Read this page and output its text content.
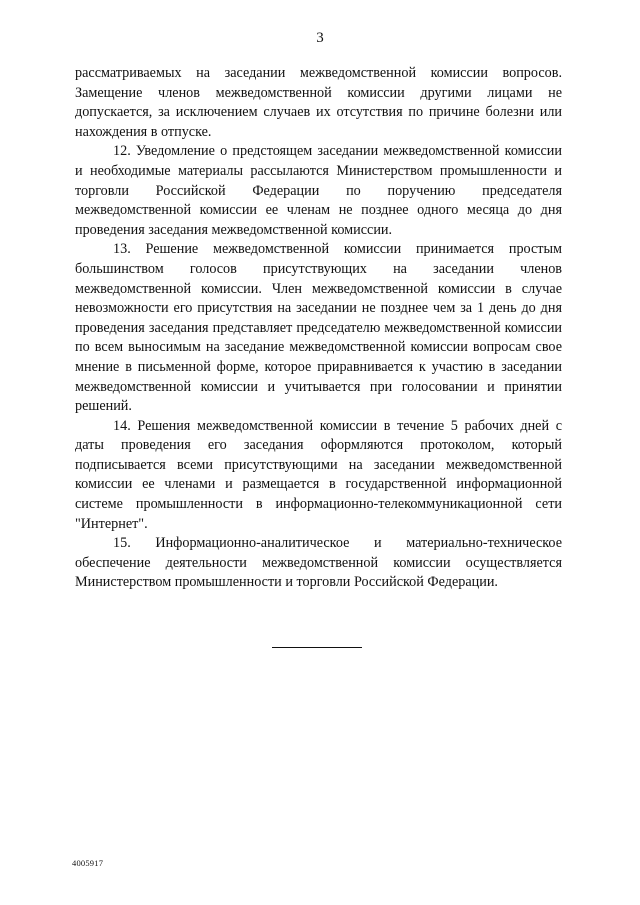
3

рассматриваемых на заседании межведомственной комиссии вопросов. Замещение членов межведомственной комиссии другими лицами не допускается, за исключением случаев их отсутствия по причине болезни или нахождения в отпуске.

12. Уведомление о предстоящем заседании межведомственной комиссии и необходимые материалы рассылаются Министерством промышленности и торговли Российской Федерации по поручению председателя межведомственной комиссии ее членам не позднее одного месяца до дня проведения заседания межведомственной комиссии.

13. Решение межведомственной комиссии принимается простым большинством голосов присутствующих на заседании членов межведомственной комиссии. Член межведомственной комиссии в случае невозможности его присутствия на заседании не позднее чем за 1 день до дня проведения заседания представляет председателю межведомственной комиссии по всем выносимым на заседание межведомственной комиссии вопросам свое мнение в письменной форме, которое приравнивается к участию в заседании межведомственной комиссии и учитывается при голосовании и принятии решений.

14. Решения межведомственной комиссии в течение 5 рабочих дней с даты проведения его заседания оформляются протоколом, который подписывается всеми присутствующими на заседании межведомственной комиссии ее членами и размещается в государственной информационной системе промышленности в информационно-телекоммуникационной сети "Интернет".

15. Информационно-аналитическое и материально-техническое обеспечение деятельности межведомственной комиссии осуществляется Министерством промышленности и торговли Российской Федерации.

4005917
